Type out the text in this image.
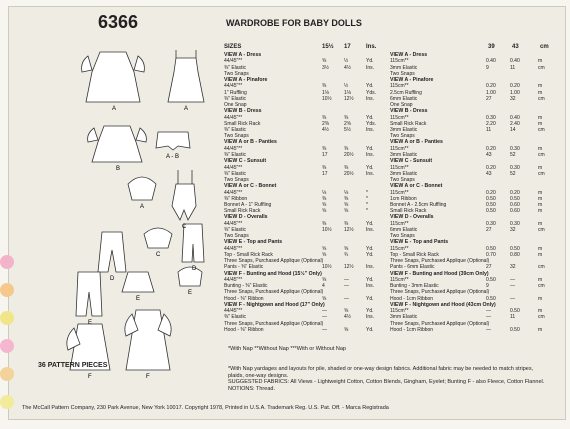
6366
A	A
B
A - B
A
C
D
C
D
E
E
E
F	F
36 PATTERN PIECES
WARDROBE FOR BABY DOLLS
SIZES	15½ 17	Ins.	39	43	cm
VIEW A - Dress
44/45"**	⅝	½	Yd.
⅜" Elastic	3½	4½	Ins.
Two Snaps
VIEW A - Pinafore
44/45"**	⅜	½	Yd.
1" Ruffling	1⅛	1⅛	Yds.
⅜" Elastic	10½ 12½ Ins.
One Snap
VIEW B - Dress
44/45"**	⅜	⅜	Yd.
Small Rick Rack	2⅜	2⅝	Yds.
⅜" Elastic	4½	5½	Ins.
Two Snaps
VIEW A or B - Panties
44/45"**	⅜	⅜	Yd.
⅜" Elastic	17	20½ Ins.
VIEW C - Sunsuit
44/45"**	⅜	⅜	Yd.
⅜" Elastic	17	20½ Ins.
Two Snaps
VIEW A or C - Bonnet
44/45"**	⅛	⅛	*
⅜" Ribbon	⅜	⅜	*
Bonnet A - 1" Ruffling	⅝	⅝	*
Small Rick Rack	⅝	⅝	*
VIEW D - Overalls
44/45"**	⅜	⅜	Yd.
⅜" Elastic	10½ 12½ Ins.
Two Snaps
VIEW E - Top and Pants
44/45"**	⅝	⅝	Yd.
Top - Small Rick Rack	⅝	¾	Yd.
Three Snaps, Purchased Applique (Optional)
Pants - ⅜" Elastic	10½ 12½ Ins.
VIEW F - Bunting and Hood (15½" Only)
44/45"**	⅝	—	Yd.
Bunting - ⅜" Elastic	4	—	Ins.
Three Snaps, Purchased Applique (Optional)
Hood - ⅜" Ribbon	⅝	—	Yd.
VIEW F - Nightgown and Hood (17" Only)
44/45"**	—	⅝	Yd.
⅜" Elastic	—	4½	Ins.
Three Snaps, Purchased Applique (Optional)
Hood - ⅜" Ribbon	—	⅝	Yd.
VIEW A - Dress
115cm**	0.40	0.40	m
3mm Elastic	9	11	cm
Two Snaps
VIEW A - Pinafore
115cm**	0.20	0.20	m
2.5cm Ruffling	1.00	1.00	m
6mm Elastic	27	32	cm
One Snap
VIEW B - Dress
115cm**	0.30	0.40	m
Small Rick Rack	2.20	2.40	m
3mm Elastic	11	14	cm
Two Snaps
VIEW A or B - Panties
115cm**	0.20	0.30	m
3mm Elastic	43	52	cm
VIEW C - Sunsuit
115cm**	0.20	0.30	m
3mm Elastic	43	52	cm
Two Snaps
VIEW A or C - Bonnet
115cm**	0.20	0.20	m
1cm Ribbon	0.50	0.50	m
Bonnet A - 2.5cm Ruffling	0.50	0.60	m
Small Rick Rack	0.50	0.60	m
VIEW D - Overalls
115cm**	0.30	0.30	m
6mm Elastic	27	32	cm
Two Snaps
VIEW E - Top and Pants
115cm**	0.50	0.50	m
Top - Small Rick Rack	0.70	0.80	m
Three Snaps, Purchased Applique (Optional)
Pants - 6mm Elastic	27	32	cm
VIEW F - Bunting and Hood (39cm Only)
115cm**	0.50	—	m
Bunting - 3mm Elastic	9	—	cm
Three Snaps, Purchased Applique (Optional)
Hood - 1cm Ribbon	0.50	—	m
VIEW F - Nightgown and Hood (43cm Only)
115cm**	—	0.50	m
3mm Elastic	—	11	cm
Three Snaps, Purchased Applique (Optional)
Hood - 1cm Ribbon	—	0.50	m
*With Nap **Without Nap ***With or Without Nap
*With Nap yardages and layouts for pile, shaded or one-way design fabrics. Additional fabric may be needed to match stripes, plaids, one-way designs.
SUGGESTED FABRICS: All Views - Lightweight Cotton, Cotton Blends, Gingham, Eyelet; Bunting F - also Fleece, Cotton Flannel.
NOTIONS: Thread.
The McCall Pattern Company, 230 Park Avenue, New York 10017. Copyright 1978, Printed in U.S.A. Trademark Reg. U.S. Pat. Off. - Marca Registrada
